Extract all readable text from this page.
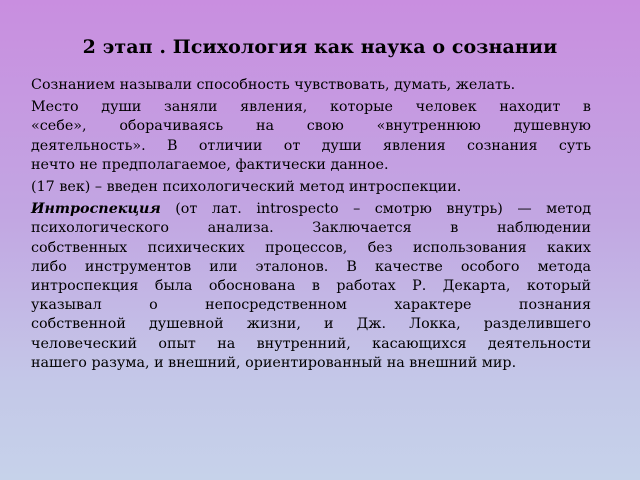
2 этап . Психология как наука о сознании

Сознанием называли способность чувствовать, думать, желать.

Место души заняли явления, которые человек находит в
«себе», оборачиваясь на свою «внутреннюю душевную
деятельность». В отличии от души явления сознания суть
нечто не предполагаемое, фактически данное.

(17 век) – введен психологический метод интроспекции.

Интроспекция (от лат. introspecto – смотрю внутрь) — метод
психологического анализа. Заключается в наблюдении
собственных психических процессов, без использования каких
либо инструментов или эталонов. В качестве особого метода
интроспекция была обоснована в работах Р. Декарта, который
указывал о непосредственном характере познания
собственной душевной жизни, и Дж. Локка, разделившего
человеческий опыт на внутренний, касающихся деятельности
нашего разума, и внешний, ориентированный на внешний мир.
